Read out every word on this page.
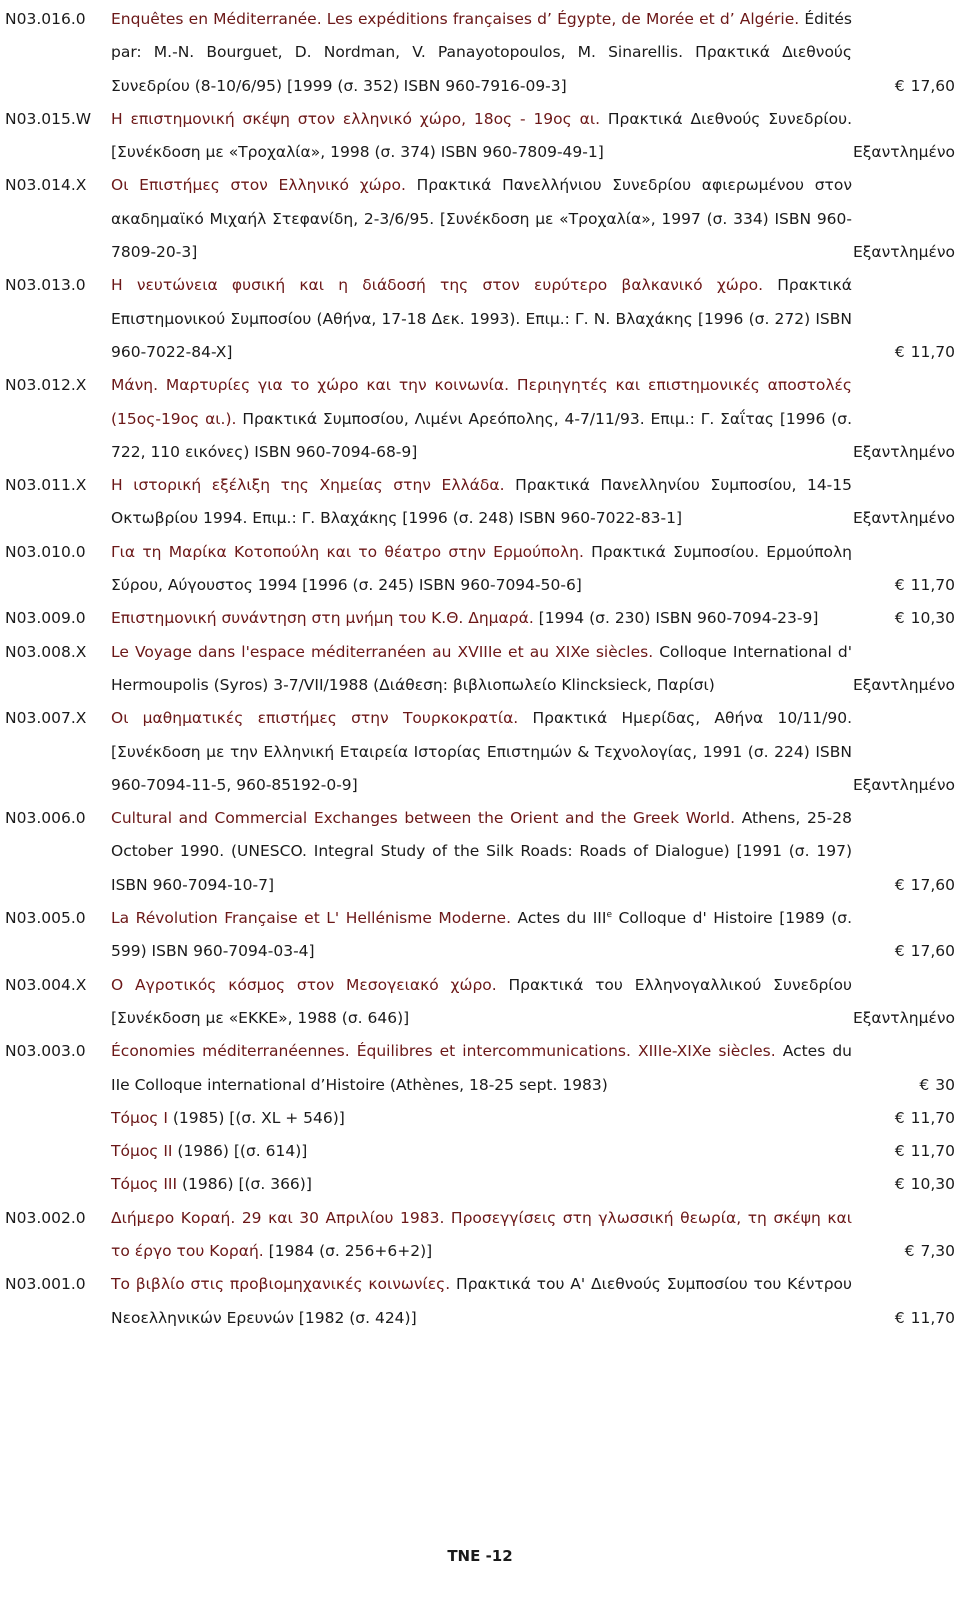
N03.016.0	Enquêtes en Méditerranée. Les expéditions françaises d’ Égypte, de Morée et d’ Algérie. Édités par: M.-N. Bourguet, D. Nordman, V. Panayotopoulos, M. Sinarellis. Πρακτικά Διεθνούς Συνεδρίου (8-10/6/95) [1999 (σ. 352) ISBN 960-7916-09-3]	€ 17,60
N03.015.W	Η επιστημονική σκέψη στον ελληνικό χώρο, 18ος - 19ος αι. Πρακτικά Διεθνούς Συνεδρίου. [Συνέκδοση με «Τροχαλία», 1998 (σ. 374) ISBN 960-7809-49-1]	Εξαντλημένο
N03.014.X	Οι Επιστήμες στον Ελληνικό χώρο. Πρακτικά Πανελλήνιου Συνεδρίου αφιερωμένου στον ακαδημαϊκό Μιχαήλ Στεφανίδη, 2-3/6/95. [Συνέκδοση με «Τροχαλία», 1997 (σ. 334) ISBN 960-7809-20-3]	Εξαντλημένο
N03.013.0	Η νευτώνεια φυσική και η διάδοσή της στον ευρύτερο βαλκανικό χώρο. Πρακτικά Επιστημονικού Συμποσίου (Αθήνα, 17-18 Δεκ. 1993). Επιμ.: Γ. Ν. Βλαχάκης [1996 (σ. 272) ISBN 960-7022-84-X]	€ 11,70
N03.012.X	Μάνη. Μαρτυρίες για το χώρο και την κοινωνία. Περιηγητές και επιστημονικές αποστολές (15ος-19ος αι.). Πρακτικά Συμποσίου, Λιμένι Αρεόπολης, 4-7/11/93. Επιμ.: Γ. Σαΐτας [1996 (σ. 722, 110 εικόνες) ISBN 960-7094-68-9]	Εξαντλημένο
N03.011.X	Η ιστορική εξέλιξη της Χημείας στην Ελλάδα. Πρακτικά Πανελληνίου Συμποσίου, 14-15 Οκτωβρίου 1994. Επιμ.: Γ. Βλαχάκης [1996 (σ. 248) ISBN 960-7022-83-1]	Εξαντλημένο
N03.010.0	Για τη Μαρίκα Κοτοπούλη και το θέατρο στην Ερμούπολη. Πρακτικά Συμποσίου. Ερμούπολη Σύρου, Αύγουστος 1994 [1996 (σ. 245) ISBN 960-7094-50-6]	€ 11,70
N03.009.0	Επιστημονική συνάντηση στη μνήμη του Κ.Θ. Δημαρά. [1994 (σ. 230) ISBN 960-7094-23-9]	€ 10,30
N03.008.X	Le Voyage dans l'espace méditerranéen au XVIIIe et au XIXe siècles. Colloque International d' Hermoupolis (Syros) 3-7/VII/1988 (Διάθεση: βιβλιοπωλείο Klincksieck, Παρίσι)	Εξαντλημένο
N03.007.X	Οι μαθηματικές επιστήμες στην Τουρκοκρατία. Πρακτικά Ημερίδας, Αθήνα 10/11/90. [Συνέκδοση με την Ελληνική Εταιρεία Ιστορίας Επιστημών & Τεχνολογίας, 1991 (σ. 224) ISBN 960-7094-11-5, 960-85192-0-9]	Εξαντλημένο
N03.006.0	Cultural and Commercial Exchanges between the Orient and the Greek World. Athens, 25-28 October 1990. (UNESCO. Integral Study of the Silk Roads: Roads of Dialogue) [1991 (σ. 197) ISBN 960-7094-10-7]	€ 17,60
N03.005.0	La Révolution Française et L' Hellénisme Moderne. Actes du IIIe Colloque d' Histoire [1989 (σ. 599) ISBN 960-7094-03-4]	€ 17,60
N03.004.X	Ο Αγροτικός κόσμος στον Μεσογειακό χώρο. Πρακτικά του Ελληνογαλλικού Συνεδρίου [Συνέκδοση με «ΕΚΚΕ», 1988 (σ. 646)]	Εξαντλημένο
N03.003.0	Économies méditerranéennes. Équilibres et intercommunications. XIIIe-XIXe siècles. Actes du IIe Colloque international d’Histoire (Athènes, 18-25 sept. 1983)	€ 30
Τόμος Ι (1985) [(σ. XL + 546)]	€ 11,70
Τόμος ΙΙ (1986) [(σ. 614)]	€ 11,70
Τόμος ΙΙΙ (1986) [(σ. 366)]	€ 10,30
N03.002.0	Διήμερο Κοραή. 29 και 30 Απριλίου 1983. Προσεγγίσεις στη γλωσσική θεωρία, τη σκέψη και το έργο του Κοραή. [1984 (σ. 256+6+2)]	€ 7,30
N03.001.0	Το βιβλίο στις προβιομηχανικές κοινωνίες. Πρακτικά του Α' Διεθνούς Συμποσίου του Κέντρου Νεοελληνικών Ερευνών [1982 (σ. 424)]	€ 11,70
TNE -12
